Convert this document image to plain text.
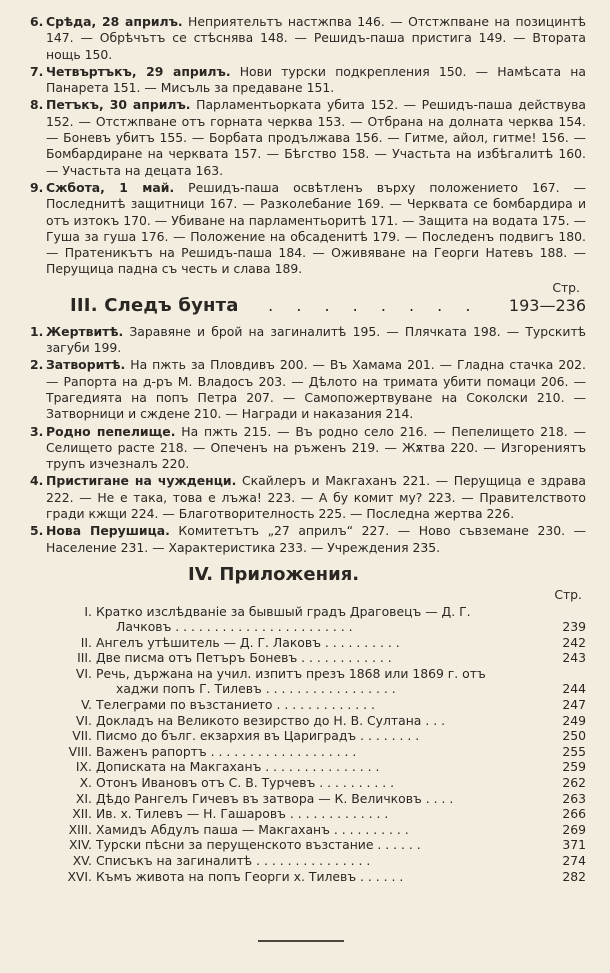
6. Срѣда, 28 априлъ. Неприятельтъ настжпва 146. — Отстжпване на позицинтѣ 147. — Обрѣчътъ се стѣснява 148. — Решидъ-паша пристига 149. — Втората нощь 150.
7. Четвъртъкъ, 29 априлъ. Нови турски подкрепления 150. — Намѣсата на Панарета 151. — Мисъль за предаване 151.
8. Петъкъ, 30 априлъ. Парламентьорката убита 152. — Решидъ-паша действува 152. — Отстжпване отъ горната черква 153. — Отбрана на долната черква 154. — Боневъ убитъ 155. — Борбата продължава 156. — Гитме, айол, гитме! 156. — Бомбардиране на черквата 157. — Бѣгство 158. — Участьта на избѣгалитѣ 160. — Участьта на децата 163.
9. Сжбота, 1 май. Решидъ-паша освѣтленъ върху положението 167. — Последнитѣ защитници 167. — Разколебание 169. — Черквата се бомбардира и отъ изтокъ 170. — Убиване на парламентьоритѣ 171. — Защита на водата 175. — Гуша за гуша 176. — Положение на обсаденитѣ 179. — Последенъ подвигъ 180. — Пратеникътъ на Решидъ-паша 184. — Оживяване на Георги Натевъ 188. — Перущица падна съ честь и слава 189.
Стр.
III. Следъ бунта	. . . . . . . .	193—236
1. Жертвитѣ. Заравяне и брой на загиналитѣ 195. — Плячката 198. — Турскитѣ загуби 199.
2. Затворитѣ. На пжть за Пловдивъ 200. — Въ Хамама 201. — Гладна стачка 202. — Рапорта на д-ръ М. Владосъ 203. — Дѣлото на тримата убити помаци 206. — Трагедията на попъ Петра 207. — Самопожертвуване на Соколски 210. — Затворници и сждене 210. — Награди и наказания 214.
3. Родно пепелище. На пжть 215. — Въ родно село 216. — Пепелището 218. — Селището расте 218. — Опеченъ на ръженъ 219. — Жѫтва 220. — Изгорениятъ трупъ изчезналъ 220.
4. Пристигане на чужденци. Скайлеръ и Макгаханъ 221. — Перущица е здрава 222. — Не е така, това е лъжа! 223. — А бу комит му? 223. — Правителството гради кжщи 224. — Благотворителность 225. — Последна жертва 226.
5. Нова Перушица. Комитетътъ „27 априлъ“ 227. — Ново съвземане 230. — Население 231. — Характеристика 233. — Учреждения 235.
IV. Приложения.
Стр.
I. Кратко изслѣдваніе за бывшый градъ Драговецъ — Д. Г.
Лачковъ . . . . . . . . . . . . . . . . . . . . . . .	239
II. Ангелъ утѣшитель — Д. Г. Лаковъ . . . . . . . . . .	242
III. Две писма отъ Петъръ Боневъ . . . . . . . . . . . .	243
VI. Речь, държана на учил. изпитъ презъ 1868 или 1869 г. отъ
хаджи попъ Г. Тилевъ . . . . . . . . . . . . . . . . .	244
V. Телеграми по възстанието . . . . . . . . . . . . .	247
VI. Докладъ на Великото везирство до Н. В. Султана . . .	249
VII. Писмо до бълг. екзархия въ Цариградъ . . . . . . . .	250
VIII. Важенъ рапортъ . . . . . . . . . . . . . . . . . . .	255
IX. Дописката на Макгаханъ . . . . . . . . . . . . . . .	259
X. Отонъ Ивановъ отъ С. В. Турчевъ . . . . . . . . . .	262
XI. Дѣдо Рангелъ Гичевъ въ затвора — К. Величковъ . . . .	263
XII. Ив. х. Тилевъ — Н. Гашаровъ . . . . . . . . . . . . .	266
XIII. Хамидъ Абдулъ паша — Макгаханъ . . . . . . . . . .	269
XIV. Турски пѣсни за перущенското възстание . . . . . .	371
XV. Списъкъ на загиналитѣ . . . . . . . . . . . . . . .	274
XVI. Къмъ живота на попъ Георги х. Тилевъ . . . . . .	282
